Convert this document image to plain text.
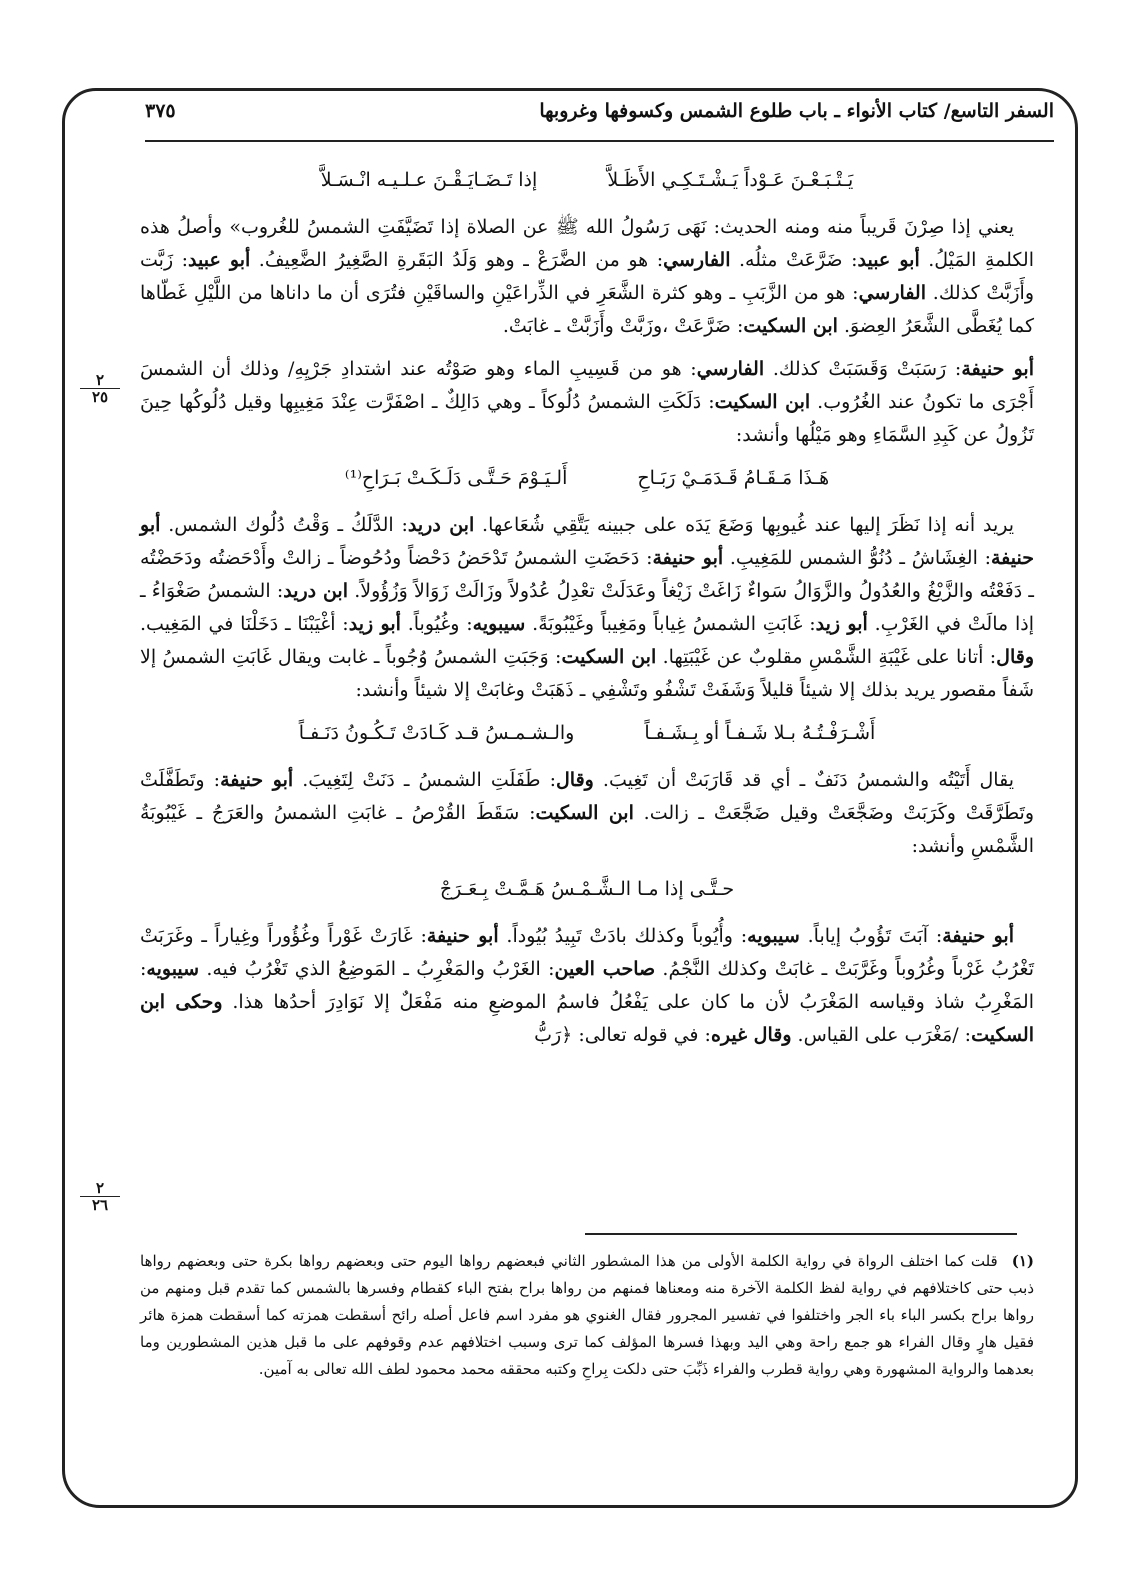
السفر التاسع/ كتاب الأنواء ـ باب طلوع الشمس وكسوفها وغروبها
٣٧٥
٢
٢٥
٢
٢٦
يَـتْـبَـعْـنَ عَـوْداً يَـشْـتَـكِـي الأَظَـلاَّ
إذا تَـضَـايَـقْـنَ عـلـيـه انْـسَـلاَّ

يعني إذا صِرْنَ قَريباً منه ومنه الحديث: نَهَى رَسُولُ الله ﷺ عن الصلاة إذا تَضَيَّفَتِ الشمسُ للغُروب» وأصلُ هذه الكلمةِ المَيْلُ. أبو عبيد: ضَرَّعَتْ مثلُه. الفارسي: هو من الضَّرَعْ ـ وهو وَلَدُ البَقَرةِ الصَّغِيرُ الضَّعِيفُ. أبو عبيد: زَبَّت وأَزَبَّتْ كذلك. الفارسي: هو من الزَّبَبِ ـ وهو كثرة الشَّعَرِ في الذِّراعَيْنِ والساقَيْنِ فتُرَى أن ما داناها من اللَّيْلِ غَطّاها كما يُغَطَّى الشَّعَرُ العِضوَ. ابن السكيت: ضَرَّعَتْ ،وزَبَّتْ وأَزَبَّتْ ـ غابَتْ.

أبو حنيفة: رَسَبَتْ وَقَسَبَتْ كذلك. الفارسي: هو من قَسِيبِ الماء وهو صَوْتُه عند اشتدادِ جَرْيِهِ/ وذلك أن الشمسَ أَجْرَى ما تكونُ عند الغُرُوب. ابن السكيت: دَلَكَتِ الشمسُ دُلُوكاً ـ وهي دَالِكٌ ـ اصْفَرَّت عِنْدَ مَغِيبِها وقيل دُلُوكُها حِينَ تَزُولُ عن كَبِدِ السَّمَاءِ وهو مَيْلُها وأنشد:

هَـذَا مَـقَـامُ قَـدَمَـيْ رَبَـاحِ
أَلـيَـوْمَ حَـتَّـى دَلَـكَـتْ بَـرَاحِ⁽¹⁾

يريد أنه إذا نَظَرَ إليها عند غُيوبِها وَضَعَ يَدَه على جبينه يَتَّقِي شُعَاعها. ابن دريد: الدَّلَكُ ـ وَقْتُ دُلُوك الشمس. أبو حنيفة: الغِشَاشُ ـ دُنُوُّ الشمس للمَغِيبِ. أبو حنيفة: دَحَضَتِ الشمسُ تَدْحَضُ دَحْضاً ودُحُوضاً ـ زالتْ وأَدْحَضتُه ودَحَضْتُه ـ دَفَعْتُه والزَّيْغُ والعُدُولُ والزَّوَالُ سَواءٌ زَاغَتْ زَيْغاً وعَدَلَتْ تعْدِلُ عُدُولاً وزَالَتْ زَوَالاً وَزُؤُولاً. ابن دريد: الشمسُ صَغْوَاءُ ـ إذا مالَتْ في الغَرْبِ. أبو زيد: غَابَتِ الشمسُ غِياباً ومَغِيباً وغَيْبُوبَةً. سيبويه: وغُيُوباً. أبو زيد: أغْيَبْنَا ـ دَخَلْنَا في المَغِيب. وقال: أتانا على غَيْبَةِ الشَّمْسِ مقلوبٌ عن غَيْبَتِها. ابن السكيت: وَجَبَتِ الشمسُ وُجُوباً ـ غابت ويقال غَابَتِ الشمسُ إلا شَفاً مقصور يريد بذلك إلا شيئاً قليلاً وَشَفَتْ تَشْفُو وتَشْفِي ـ ذَهَبَتْ وغابَتْ إلا شيئاً وأنشد:

أَشْـرَفْـتُـهُ بـلا شَـفـاً أو بِـشَـفـاً
والـشـمـسُ قـد كَـادَتْ تَـكُـونُ دَنَـفـاً

يقال أَتَيْتُه والشمسُ دَنَفٌ ـ أي قد قَارَبَتْ أن تَغِيبَ. وقال: طَفَلَتِ الشمسُ ـ دَنَتْ لِتَغِيبَ. أبو حنيفة: وتَطَفَّلَتْ وتَطَرَّقَتْ وكَرَبَتْ وضَجَّعَتْ وقيل ضَجَّعَتْ ـ زالت. ابن السكيت: سَقَطَ القُرْصُ ـ غابَتِ الشمسُ والعَرَجُ ـ غَيْبُوبَةُ الشَّمْسِ وأنشد:

حـتَّـى إذا مـا الـشَّـمْـسُ هَـمَّـتْ بِـعَـرَجْ

أبو حنيفة: آبَتَ تَؤُوبُ إياباً. سيبويه: وأُيُوباً وكذلك بادَتْ تَبِيدُ بُيُوداً. أبو حنيفة: غَارَتْ غَوْراً وغُؤُوراً وغِياراً ـ وغَرَبَتْ تَغْرُبُ غَرْباً وغُرُوباً وغَرَّبَتْ ـ غابَتْ وكذلك النَّجْمُ. صاحب العين: الغَرْبُ والمَغْرِبُ ـ المَوضِعُ الذي تَغْرُبُ فيه. سيبويه: المَغْرِبُ شاذ وقياسه المَغْرَبُ لأن ما كان على يَفْعُلُ فاسمُ الموضعِ منه مَفْعَلٌ إلا نَوَادِرَ أحدُها هذا. وحكى ابن السكيت: /مَغْرَب على القياس. وقال غيره: في قوله تعالى: ﴿رَبُّ

(١)قلت كما اختلف الرواة في رواية الكلمة الأولى من هذا المشطور الثاني فبعضهم رواها اليوم حتى وبعضهم رواها بكرة حتى وبعضهم رواها ذبب حتى كاختلافهم في رواية لفظ الكلمة الآخرة منه ومعناها فمنهم من رواها براح بفتح الباء كقطام وفسرها بالشمس كما تقدم قبل ومنهم من رواها براح بكسر الباء باء الجر واختلفوا في تفسير المجرور فقال الغنوي هو مفرد اسم فاعل أصله رائح أسقطت همزته كما أسقطت همزة هائر فقيل هارٍ وقال الفراء هو جمع راحة وهي اليد وبهذا فسرها المؤلف كما ترى وسبب اختلافهم عدم وقوفهم على ما قبل هذين المشطورين وما بعدهما والرواية المشهورة وهي رواية قطرب والفراء ذَبِّبَ حتى دلكت بِراحِ وكتبه محققه محمد محمود لطف الله تعالى به آمين.
